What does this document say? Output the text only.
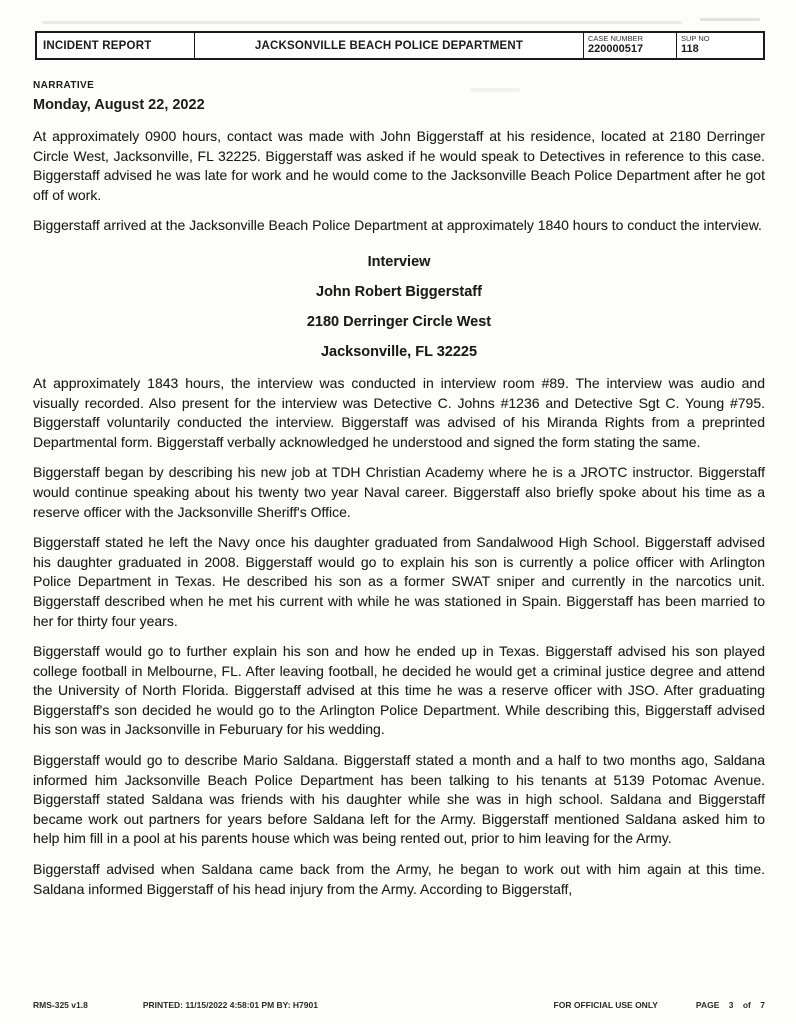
INCIDENT REPORT	JACKSONVILLE BEACH POLICE DEPARTMENT
CASE NUMBER
220000517
SUP NO
118
NARRATIVE
Monday, August 22, 2022

At approximately 0900 hours, contact was made with John Biggerstaff at his residence, located at 2180 Derringer Circle West, Jacksonville, FL 32225. Biggerstaff was asked if he would speak to Detectives in reference to this case. Biggerstaff advised he was late for work and he would come to the Jacksonville Beach Police Department after he got off of work.

Biggerstaff arrived at the Jacksonville Beach Police Department at approximately 1840 hours to conduct the interview.

Interview
John Robert Biggerstaff
2180 Derringer Circle West
Jacksonville, FL 32225

At approximately 1843 hours, the interview was conducted in interview room #89. The interview was audio and visually recorded. Also present for the interview was Detective C. Johns #1236 and Detective Sgt C. Young #795. Biggerstaff voluntarily conducted the interview. Biggerstaff was advised of his Miranda Rights from a preprinted Departmental form. Biggerstaff verbally acknowledged he understood and signed the form stating the same.

Biggerstaff began by describing his new job at TDH Christian Academy where he is a JROTC instructor. Biggerstaff would continue speaking about his twenty two year Naval career. Biggerstaff also briefly spoke about his time as a reserve officer with the Jacksonville Sheriff's Office.

Biggerstaff stated he left the Navy once his daughter graduated from Sandalwood High School. Biggerstaff advised his daughter graduated in 2008. Biggerstaff would go to explain his son is currently a police officer with Arlington Police Department in Texas. He described his son as a former SWAT sniper and currently in the narcotics unit. Biggerstaff described when he met his current with while he was stationed in Spain. Biggerstaff has been married to her for thirty four years.

Biggerstaff would go to further explain his son and how he ended up in Texas. Biggerstaff advised his son played college football in Melbourne, FL. After leaving football, he decided he would get a criminal justice degree and attend the University of North Florida. Biggerstaff advised at this time he was a reserve officer with JSO. After graduating Biggerstaff's son decided he would go to the Arlington Police Department. While describing this, Biggerstaff advised his son was in Jacksonville in Feburuary for his wedding.

Biggerstaff would go to describe Mario Saldana. Biggerstaff stated a month and a half to two months ago, Saldana informed him Jacksonville Beach Police Department has been talking to his tenants at 5139 Potomac Avenue. Biggerstaff stated Saldana was friends with his daughter while she was in high school. Saldana and Biggerstaff became work out partners for years before Saldana left for the Army. Biggerstaff mentioned Saldana asked him to help him fill in a pool at his parents house which was being rented out, prior to him leaving for the Army.

Biggerstaff advised when Saldana came back from the Army, he began to work out with him again at this time. Saldana informed Biggerstaff of his head injury from the Army. According to Biggerstaff,

RMS-325 v1.8	PRINTED: 11/15/2022 4:58:01 PM BY: H7901	FOR OFFICIAL USE ONLY	PAGE 3 of 7
